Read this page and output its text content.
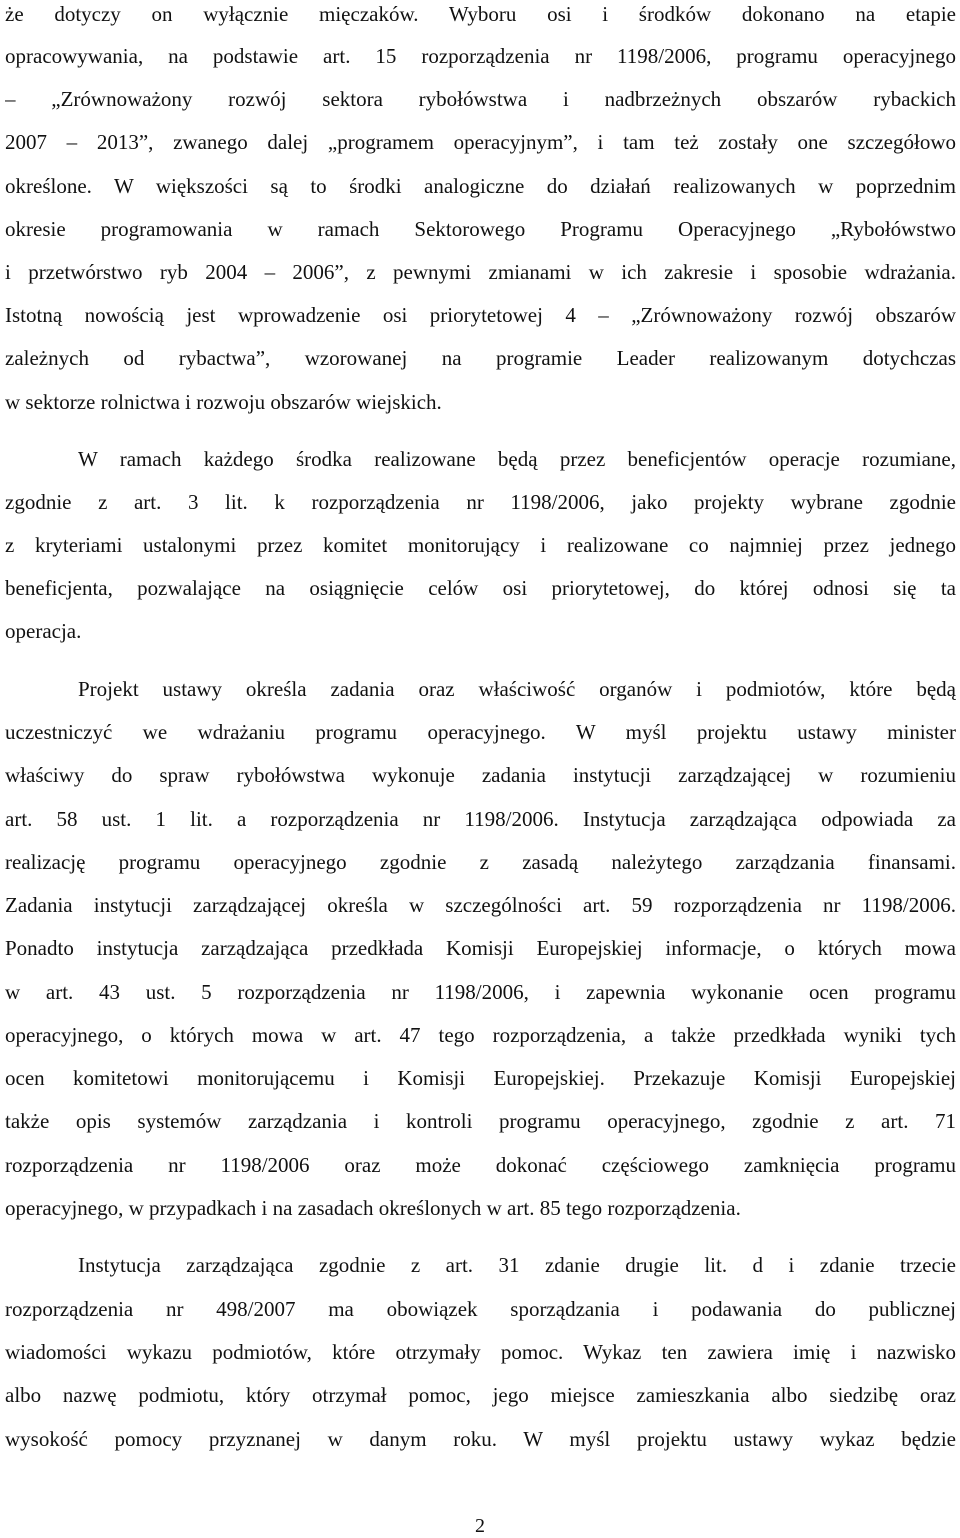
że dotyczy on wyłącznie mięczaków. Wyboru osi i środków dokonano na etapie
opracowywania, na podstawie art. 15 rozporządzenia nr 1198/2006, programu operacyjnego
– „Zrównoważony rozwój sektora rybołówstwa i nadbrzeżnych obszarów rybackich
2007 – 2013”, zwanego dalej „programem operacyjnym”, i tam też zostały one szczegółowo
określone. W większości są to środki analogiczne do działań realizowanych w poprzednim
okresie programowania w ramach Sektorowego Programu Operacyjnego „Rybołówstwo
i przetwórstwo ryb 2004 – 2006”, z pewnymi zmianami w ich zakresie i sposobie wdrażania.
Istotną nowością jest wprowadzenie osi priorytetowej 4 – „Zrównoważony rozwój obszarów
zależnych od rybactwa”, wzorowanej na programie Leader realizowanym dotychczas
w sektorze rolnictwa i rozwoju obszarów wiejskich.
W ramach każdego środka realizowane będą przez beneficjentów operacje rozumiane,
zgodnie z art. 3 lit. k rozporządzenia nr 1198/2006, jako projekty wybrane zgodnie
z kryteriami ustalonymi przez komitet monitorujący i realizowane co najmniej przez jednego
beneficjenta, pozwalające na osiągnięcie celów osi priorytetowej, do której odnosi się ta
operacja.
Projekt ustawy określa zadania oraz właściwość organów i podmiotów, które będą
uczestniczyć we wdrażaniu programu operacyjnego. W myśl projektu ustawy minister
właściwy do spraw rybołówstwa wykonuje zadania instytucji zarządzającej w rozumieniu
art. 58 ust. 1 lit. a rozporządzenia nr 1198/2006. Instytucja zarządzająca odpowiada za
realizację programu operacyjnego zgodnie z zasadą należytego zarządzania finansami.
Zadania instytucji zarządzającej określa w szczególności art. 59 rozporządzenia nr 1198/2006.
Ponadto instytucja zarządzająca przedkłada Komisji Europejskiej informacje, o których mowa
w art. 43 ust. 5 rozporządzenia nr 1198/2006, i zapewnia wykonanie ocen programu
operacyjnego, o których mowa w art. 47 tego rozporządzenia, a także przedkłada wyniki tych
ocen komitetowi monitorującemu i Komisji Europejskiej. Przekazuje Komisji Europejskiej
także opis systemów zarządzania i kontroli programu operacyjnego, zgodnie z art. 71
rozporządzenia nr 1198/2006 oraz może dokonać częściowego zamknięcia programu
operacyjnego, w przypadkach i na zasadach określonych w art. 85 tego rozporządzenia.
Instytucja zarządzająca zgodnie z art. 31 zdanie drugie lit. d i zdanie trzecie
rozporządzenia nr 498/2007 ma obowiązek sporządzania i podawania do publicznej
wiadomości wykazu podmiotów, które otrzymały pomoc. Wykaz ten zawiera imię i nazwisko
albo nazwę podmiotu, który otrzymał pomoc, jego miejsce zamieszkania albo siedzibę oraz
wysokość pomocy przyznanej w danym roku. W myśl projektu ustawy wykaz będzie
2
